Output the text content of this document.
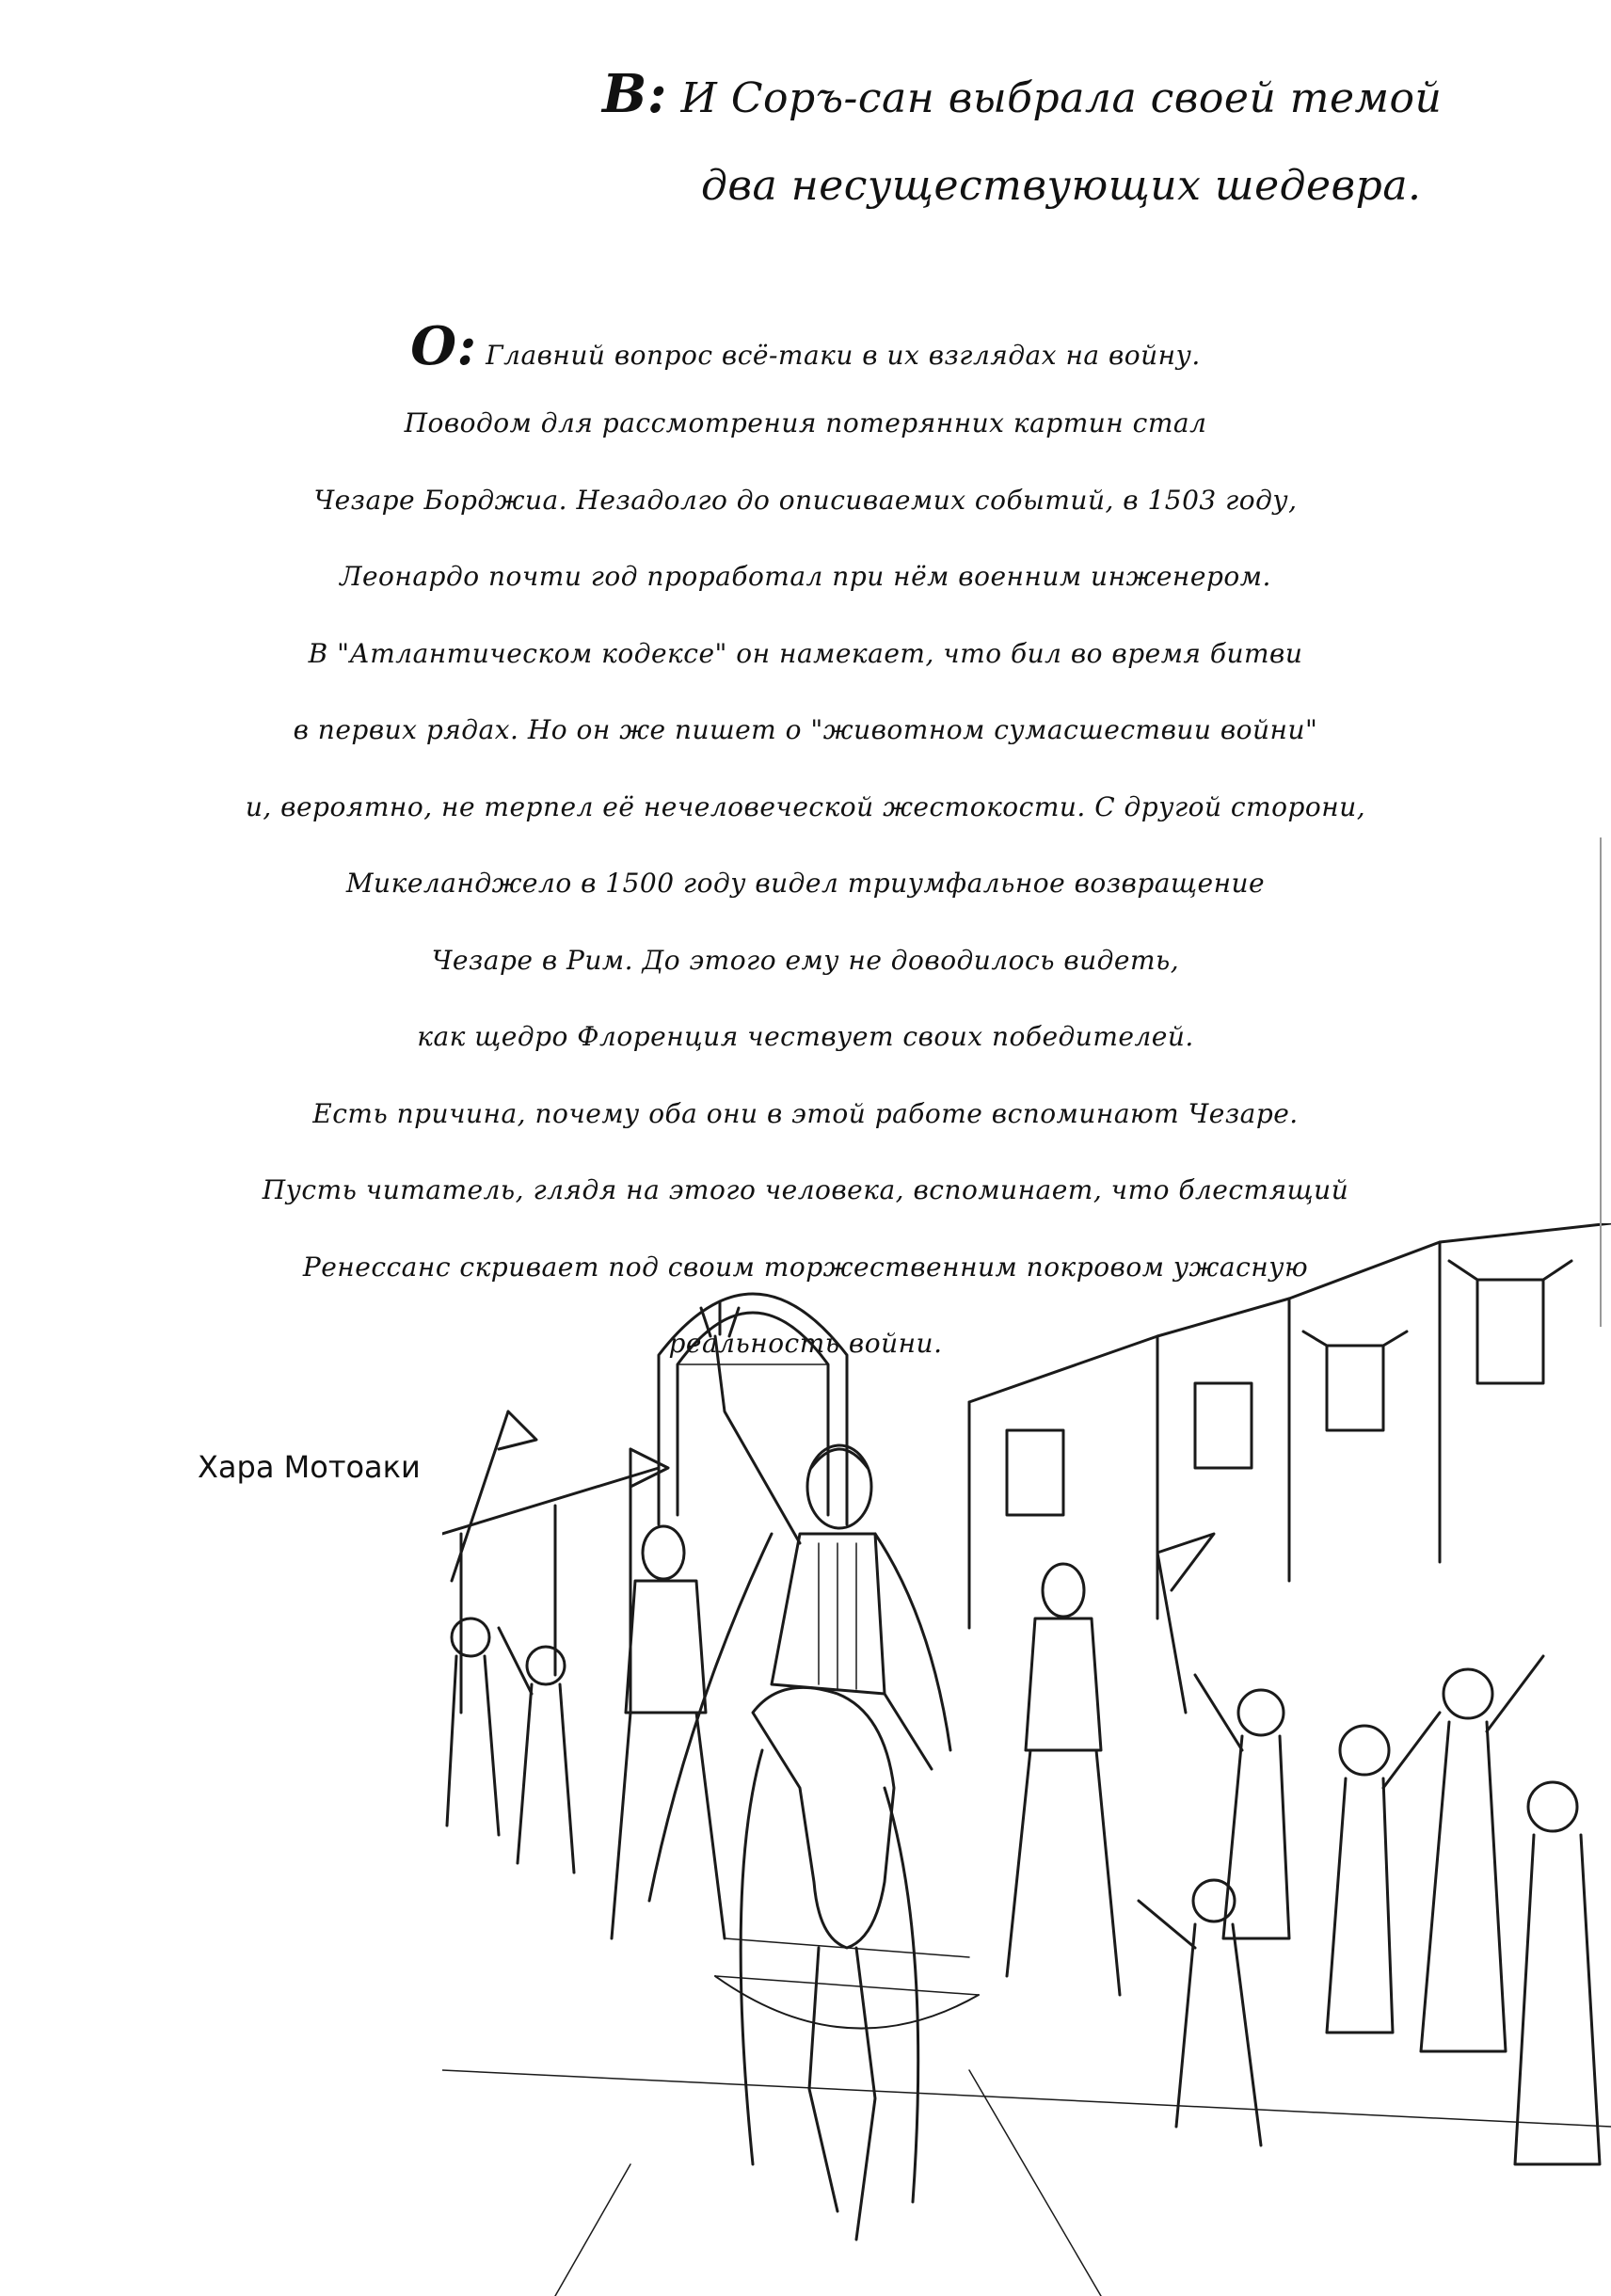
В: И Соръ-сан выбрала своей темой
два несуществующих шедевра.
О: Главний вопрос всё-таки в их взглядах на войну.
Поводом для рассмотрения потерянних картин стал
Чезаре Борджиа. Незадолго до описиваемих событий, в 1503 году,
Леонардо почти год проработал при нём военним инженером.
В "Атлантическом кодексе" он намекает, что бил во время битви
в первих рядах. Но он же пишет о "животном сумасшествии войни"
и, вероятно, не терпел её нечеловеческой жестокости. С другой сторони,
Микеланджело в 1500 году видел триумфальное возвращение
Чезаре в Рим. До этого ему не доводилось видеть,
как щедро Флоренция чествует своих победителей.
Есть причина, почему оба они в этой работе вспоминают Чезаре.
Пусть читатель, глядя на этого человека, вспоминает, что блестящий
Ренессанс скривает под своим торжественним покровом ужасную
реальность войни.
Хара Мотоаки
